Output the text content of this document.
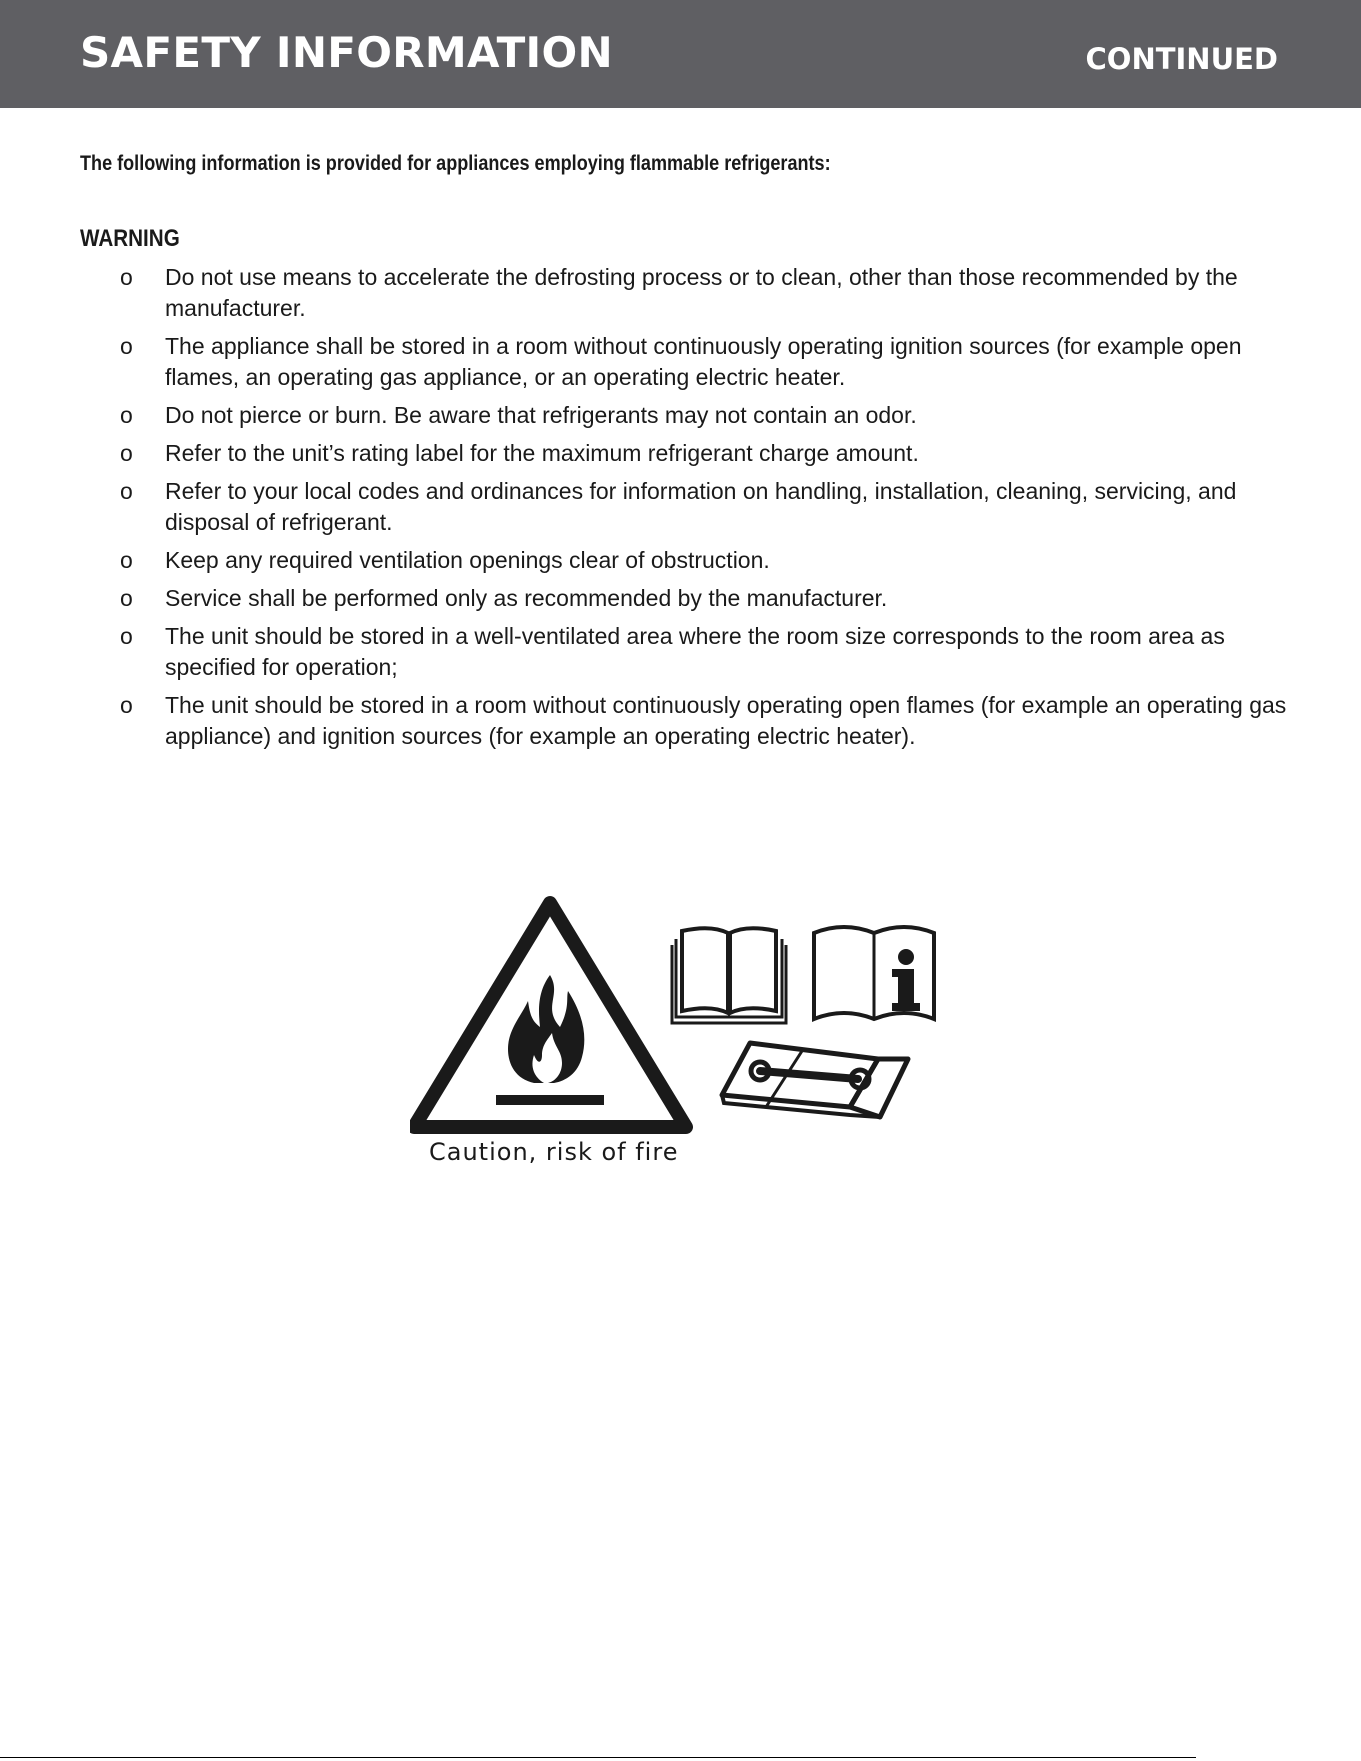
SAFETY INFORMATION	CONTINUED
The following information is provided for appliances employing flammable refrigerants:
WARNING
o Do not use means to accelerate the defrosting process or to clean, other than those recommended by the manufacturer.
o The appliance shall be stored in a room without continuously operating ignition sources (for example open flames, an operating gas appliance, or an operating electric heater.
o Do not pierce or burn. Be aware that refrigerants may not contain an odor.
o Refer to the unit’s rating label for the maximum refrigerant charge amount.
o Refer to your local codes and ordinances for information on handling, installation, cleaning, servicing, and disposal of refrigerant.
o Keep any required ventilation openings clear of obstruction.
o Service shall be performed only as recommended by the manufacturer.
o The unit should be stored in a well-ventilated area where the room size corresponds to the room area as specified for operation;
o The unit should be stored in a room without continuously operating open flames (for example an operating gas appliance) and ignition sources (for example an operating electric heater).
Caution, risk of fire
